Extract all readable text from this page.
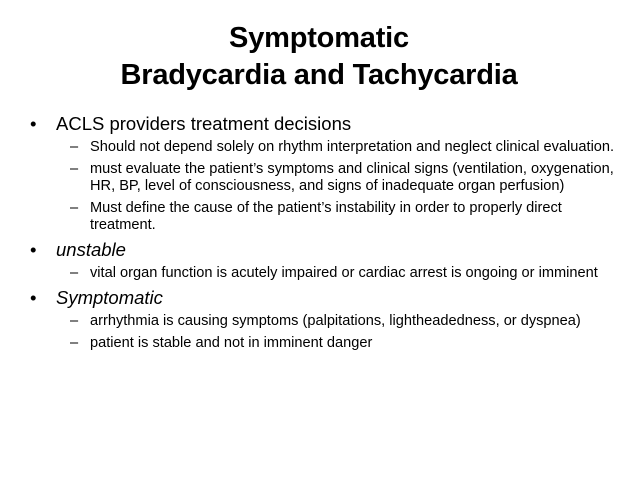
Symptomatic
Bradycardia and Tachycardia
•	ACLS providers treatment decisions
– Should not depend solely on rhythm interpretation and neglect clinical evaluation.
– must evaluate the patient’s symptoms and clinical signs (ventilation, oxygenation, HR, BP, level of consciousness, and signs of inadequate organ perfusion)
– Must define the cause of the patient’s instability in order to properly direct treatment.
•	unstable
– vital organ function is acutely impaired or cardiac arrest is ongoing or imminent
•	Symptomatic
– arrhythmia is causing symptoms (palpitations, lightheadedness, or dyspnea)
– patient is stable and not in imminent danger
